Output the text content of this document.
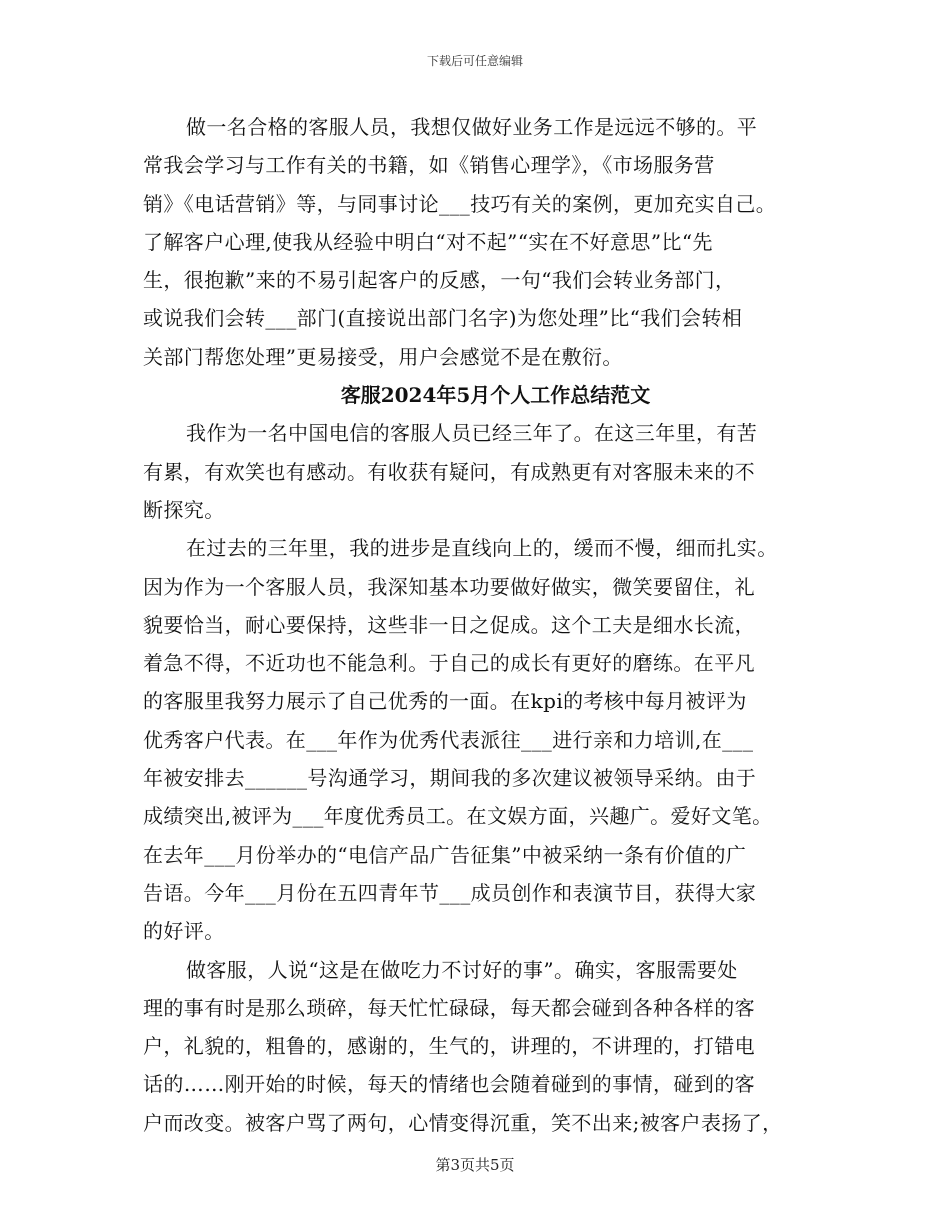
下载后可任意编辑
做一名合格的客服人员，我想仅做好业务工作是远远不够的。平
常我会学习与工作有关的书籍，如《销售心理学》，《市场服务营
销》《电话营销》等，与同事讨论___技巧有关的案例，更加充实自己。
了解客户心理,使我从经验中明白“对不起”“实在不好意思”比“先
生，很抱歉”来的不易引起客户的反感，一句“我们会转业务部门，
或说我们会转___部门(直接说出部门名字)为您处理”比“我们会转相
关部门帮您处理”更易接受，用户会感觉不是在敷衍。
客服2024年5月个人工作总结范文
我作为一名中国电信的客服人员已经三年了。在这三年里，有苦
有累，有欢笑也有感动。有收获有疑问，有成熟更有对客服未来的不
断探究。
在过去的三年里，我的进步是直线向上的，缓而不慢，细而扎实。
因为作为一个客服人员，我深知基本功要做好做实，微笑要留住，礼
貌要恰当，耐心要保持，这些非一日之促成。这个工夫是细水长流，
着急不得，不近功也不能急利。于自己的成长有更好的磨练。在平凡
的客服里我努力展示了自己优秀的一面。在kpi的考核中每月被评为
优秀客户代表。在___年作为优秀代表派往___进行亲和力培训,在___
年被安排去______号沟通学习，期间我的多次建议被领导采纳。由于
成绩突出,被评为___年度优秀员工。在文娱方面，兴趣广。爱好文笔。
在去年___月份举办的“电信产品广告征集”中被采纳一条有价值的广
告语。今年___月份在五四青年节___成员创作和表演节目，获得大家
的好评。
做客服，人说“这是在做吃力不讨好的事”。确实，客服需要处
理的事有时是那么琐碎，每天忙忙碌碌，每天都会碰到各种各样的客
户，礼貌的，粗鲁的，感谢的，生气的，讲理的，不讲理的，打错电
话的……刚开始的时候，每天的情绪也会随着碰到的事情，碰到的客
户而改变。被客户骂了两句，心情变得沉重，笑不出来;被客户表扬了，
第3页共5页
